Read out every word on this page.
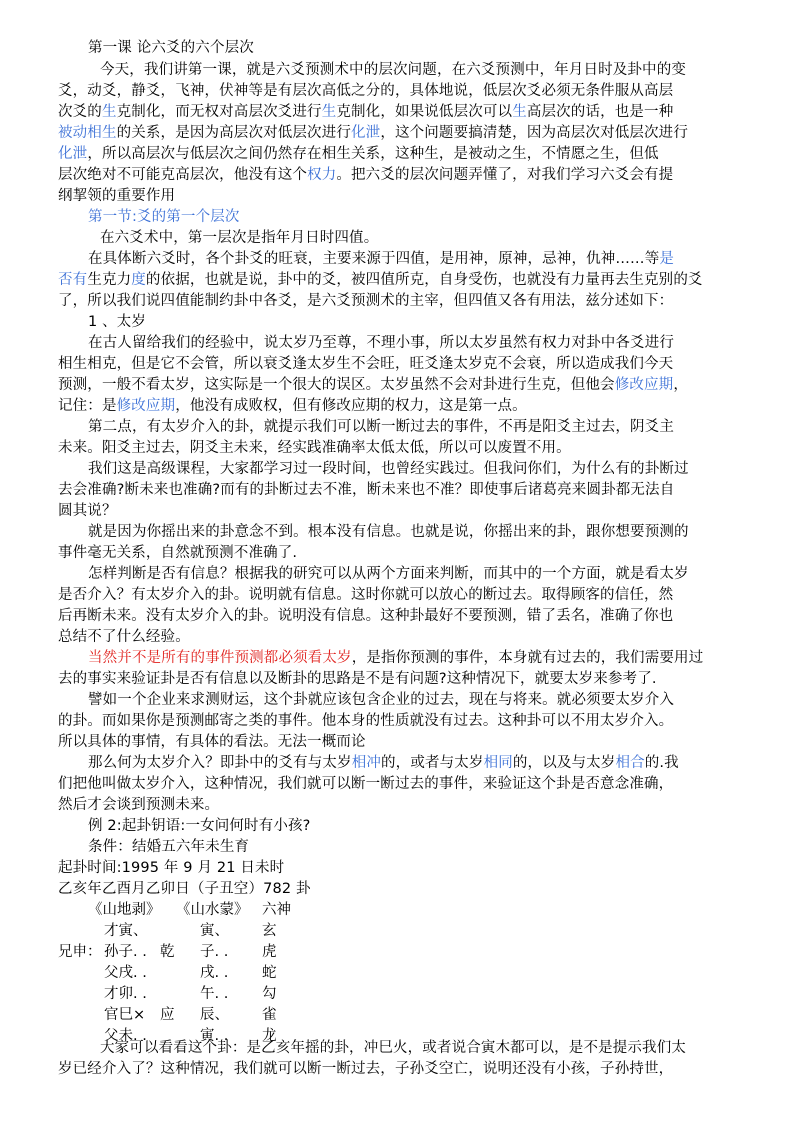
第一课 论六爻的六个层次
今天，我们讲第一课，就是六爻预测术中的层次问题，在六爻预测中，年月日时及卦中的变
爻，动爻，静爻，飞神，伏神等是有层次高低之分的，具体地说，低层次爻必须无条件服从高层
次爻的生克制化，而无权对高层次爻进行生克制化，如果说低层次可以生高层次的话，也是一种
被动相生的关系，是因为高层次对低层次进行化泄，这个问题要搞清楚，因为高层次对低层次进行
化泄，所以高层次与低层次之间仍然存在相生关系，这种生，是被动之生，不情愿之生，但低
层次绝对不可能克高层次，他没有这个权力。把六爻的层次问题弄懂了，对我们学习六爻会有提
纲挈领的重要作用
第一节:爻的第一个层次
在六爻术中，第一层次是指年月日时四值。
在具体断六爻时，各个卦爻的旺衰，主要来源于四值，是用神，原神，忌神，仇神……等是
否有生克力度的依据，也就是说，卦中的爻，被四值所克，自身受伤，也就没有力量再去生克别的爻
了，所以我们说四值能制约卦中各爻，是六爻预测术的主宰，但四值又各有用法，兹分述如下：
1 、太岁
在古人留给我们的经验中，说太岁乃至尊，不理小事，所以太岁虽然有权力对卦中各爻进行
相生相克，但是它不会管，所以衰爻逢太岁生不会旺，旺爻逢太岁克不会衰，所以造成我们今天
预测，一般不看太岁，这实际是一个很大的误区。太岁虽然不会对卦进行生克，但他会修改应期，
记住：是修改应期，他没有成败权，但有修改应期的权力，这是第一点。
第二点，有太岁介入的卦，就提示我们可以断一断过去的事件，不再是阳爻主过去，阴爻主
未来。阳爻主过去，阴爻主未来，经实践准确率太低太低，所以可以废置不用。
我们这是高级课程，大家都学习过一段时间，也曾经实践过。但我问你们，为什么有的卦断过
去会准确?断未来也准确?而有的卦断过去不准，断未来也不准？即使事后诸葛亮来圆卦都无法自
圆其说？
就是因为你摇出来的卦意念不到。根本没有信息。也就是说，你摇出来的卦，跟你想要预测的
事件毫无关系，自然就预测不准确了.
怎样判断是否有信息？根据我的研究可以从两个方面来判断，而其中的一个方面，就是看太岁
是否介入？有太岁介入的卦。说明就有信息。这时你就可以放心的断过去。取得顾客的信任，然
后再断未来。没有太岁介入的卦。说明没有信息。这种卦最好不要预测，错了丢名，准确了你也
总结不了什么经验。
当然并不是所有的事件预测都必须看太岁，是指你预测的事件，本身就有过去的，我们需要用过
去的事实来验证卦是否有信息以及断卦的思路是不是有问题?这种情况下，就要太岁来参考了.
譬如一个企业来求测财运，这个卦就应该包含企业的过去，现在与将来。就必须要太岁介入
的卦。而如果你是预测邮寄之类的事件。他本身的性质就没有过去。这种卦可以不用太岁介入。
所以具体的事情，有具体的看法。无法一概而论
那么何为太岁介入？即卦中的爻有与太岁相冲的，或者与太岁相同的，以及与太岁相合的.我
们把他叫做太岁介入，这种情况，我们就可以断一断过去的事件，来验证这个卦是否意念准确，
然后才会谈到预测未来。
例 2:起卦钥语:一女问何时有小孩?
条件：结婚五六年未生育
起卦时间:1995 年 9 月 21 日未时
乙亥年乙酉月乙卯日（子丑空）782 卦
《山地剥》 《山水蒙》 六神
才寅、	寅、 玄
兄申： 孙子. . 乾 子. . 虎
父戌. .	戌. . 蛇
才卯. .	午. . 勾
官巳× 应 辰、 雀
父未. .	寅. . 龙
大家可以看看这个卦：是乙亥年摇的卦，冲巳火，或者说合寅木都可以，是不是提示我们太
岁已经介入了？这种情况，我们就可以断一断过去，子孙爻空亡，说明还没有小孩，子孙持世，
